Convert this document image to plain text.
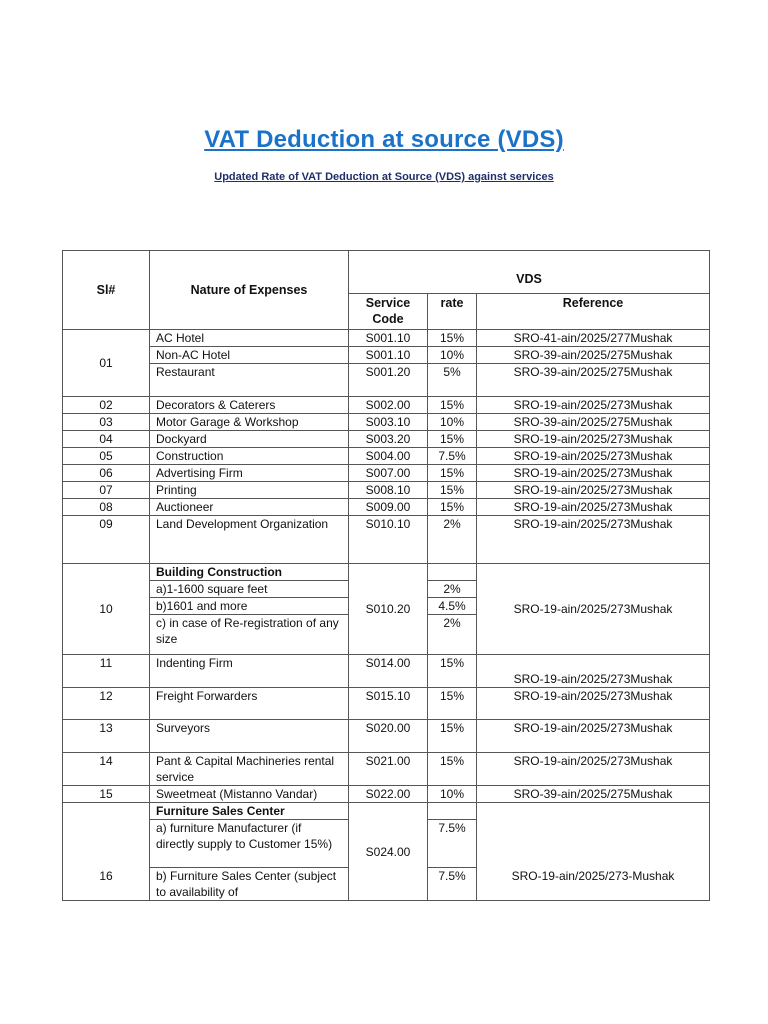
VAT Deduction at source (VDS)
Updated Rate of VAT Deduction at Source (VDS) against services
Sl#	Nature of Expenses	VDS		
		Service Code	rate	Reference
01	AC Hotel	S001.10	15%	SRO-41-ain/2025/277Mushak
	Non-AC Hotel	S001.10	10%	SRO-39-ain/2025/275Mushak
	Restaurant	S001.20	5%	SRO-39-ain/2025/275Mushak

02	Decorators & Caterers	S002.00	15%	SRO-19-ain/2025/273Mushak
03	Motor Garage & Workshop	S003.10	10%	SRO-39-ain/2025/275Mushak
04	Dockyard	S003.20	15%	SRO-19-ain/2025/273Mushak
05	Construction	S004.00	7.5%	SRO-19-ain/2025/273Mushak
06	Advertising Firm	S007.00	15%	SRO-19-ain/2025/273Mushak
07	Printing	S008.10	15%	SRO-19-ain/2025/273Mushak
08	Auctioneer	S009.00	15%	SRO-19-ain/2025/273Mushak
09	Land Development Organization	S010.10	2%	SRO-19-ain/2025/273Mushak
10	Building Construction	S010.20		SRO-19-ain/2025/273Mushak
	a)1-1600 square feet		2%	
	b)1601 and more		4.5%	
	c) in case of Re-registration of any size		2%	

11	Indenting Firm	S014.00	15%	SRO-19-ain/2025/273Mushak
12	Freight Forwarders	S015.10	15%	SRO-19-ain/2025/273Mushak
13	Surveyors	S020.00	15%	SRO-19-ain/2025/273Mushak
14	Pant & Capital Machineries rental service	S021.00	15%	SRO-19-ain/2025/273Mushak
15	Sweetmeat (Mistanno Vandar)	S022.00	10%	SRO-39-ain/2025/275Mushak
16	Furniture Sales Center	S024.00		SRO-19-ain/2025/273-Mushak
	a) furniture Manufacturer (if directly supply to Customer 15%)		7.5%	
	b) Furniture Sales Center (subject to availability of		7.5%	
